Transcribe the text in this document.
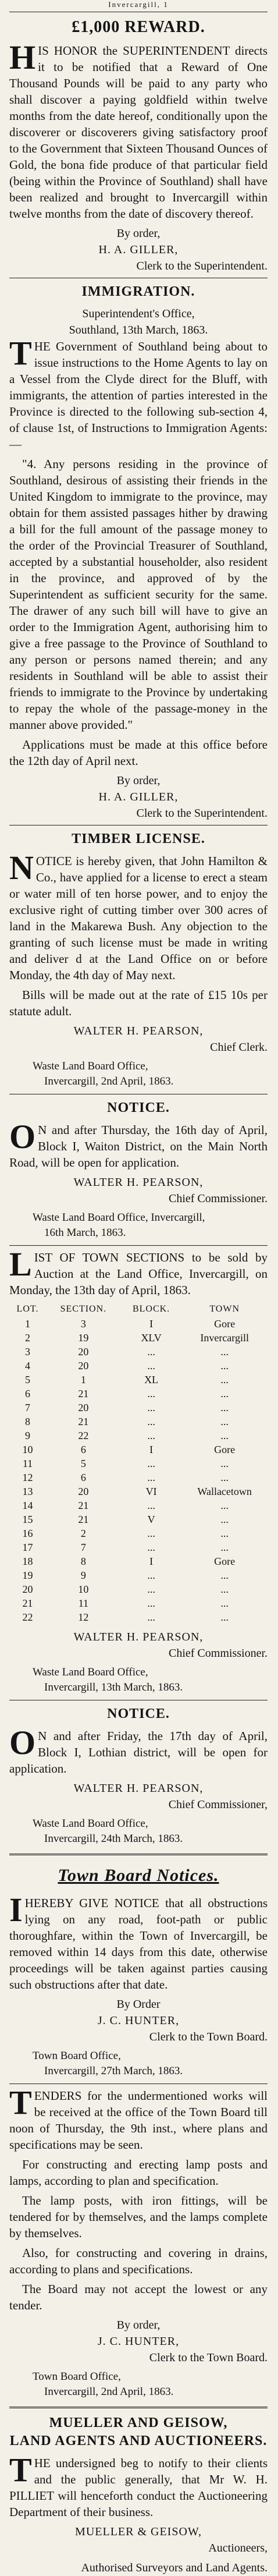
Invercargill, 1
£1,000 REWARD.

HIS HONOR the SUPERINTENDENT directs it to be notified that a Reward of One Thousand Pounds will be paid to any party who shall discover a paying goldfield within twelve months from the date hereof, conditionally upon the discoverer or discoverers giving satisfactory proof to the Government that Sixteen Thousand Ounces of Gold, the bona fide produce of that particular field (being within the Province of Southland) shall have been realized and brought to Invercargill within twelve months from the date of discovery thereof.

By order,

H. A. GILLER,

Clerk to the Superintendent.

IMMIGRATION.

Superintendent's Office,

Southland, 13th March, 1863.

THE Government of Southland being about to issue instructions to the Home Agents to lay on a Vessel from the Clyde direct for the Bluff, with immigrants, the attention of parties interested in the Province is directed to the following sub-section 4, of clause 1st, of Instructions to Immigration Agents:—

"4. Any persons residing in the province of Southland, desirous of assisting their friends in the United Kingdom to immigrate to the province, may obtain for them assisted passages hither by drawing a bill for the full amount of the passage money to the order of the Provincial Treasurer of Southland, accepted by a substantial householder, also resident in the province, and approved of by the Superintendent as sufficient security for the same. The drawer of any such bill will have to give an order to the Immigration Agent, authorising him to give a free passage to the Province of Southland to any person or persons named therein; and any residents in Southland will be able to assist their friends to immigrate to the Province by undertaking to repay the whole of the passage-money in the manner above provided."

Applications must be made at this office before the 12th day of April next.

By order,

H. A. GILLER,

Clerk to the Superintendent.

TIMBER LICENSE.

NOTICE is hereby given, that John Hamilton & Co., have applied for a license to erect a steam or water mill of ten horse power, and to enjoy the exclusive right of cutting timber over 300 acres of land in the Makarewa Bush. Any objection to the granting of such license must be made in writing and deliver d at the Land Office on or before Monday, the 4th day of May next.

Bills will be made out at the rate of £15 10s per statute adult.

WALTER H. PEARSON,

Chief Clerk.

Waste Land Board Office,

Invercargill, 2nd April, 1863.

NOTICE.

O N and after Thursday, the 16th day of April, Block I, Waiton District, on the Main North Road, will be open for application.

WALTER H. PEARSON,

Chief Commissioner.

Waste Land Board Office, Invercargill,

16th March, 1863.

LIST OF TOWN SECTIONS to be sold by Auction at the Land Office, Invercargill, on Monday, the 13th day of April, 1863.

LOT.	SECTION.	BLOCK.	TOWN
1	3	I	Gore
2	19	XLV	Invercargill
3	20	...	...
4	20	...	...
5	1	XL	...
6	21	...	...
7	20	...	...
8	21	...	...
9	22	...	...
10	6	I	Gore
11	5	...	...
12	6	...	...
13	20	VI	Wallacetown
14	21	...	...
15	21	V	...
16	2	...	...
17	7	...	...
18	8	I	Gore
19	9	...	...
20	10	...	...
21	11	...	...
22	12	...	...

WALTER H. PEARSON,

Chief Commissioner.

Waste Land Board Office,

Invercargill, 13th March, 1863.

NOTICE.

O N and after Friday, the 17th day of April, Block I, Lothian district, will be open for application.

WALTER H. PEARSON,

Chief Commissioner,

Waste Land Board Office,

Invercargill, 24th March, 1863.

Town Board Notices.

IHEREBY GIVE NOTICE that all obstructions lying on any road, foot-path or public thoroughfare, within the Town of Invercargill, be removed within 14 days from this date, otherwise proceedings will be taken against parties causing such obstructions after that date.

By Order

J. C. HUNTER,

Clerk to the Town Board.

Town Board Office,

Invercargill, 27th March, 1863.

TENDERS for the undermentioned works will be received at the office of the Town Board till noon of Thursday, the 9th inst., where plans and specifications may be seen.

For constructing and erecting lamp posts and lamps, according to plan and specification.

The lamp posts, with iron fittings, will be tendered for by themselves, and the lamps complete by themselves.

Also, for constructing and covering in drains, according to plans and specifications.

The Board may not accept the lowest or any tender.

By order,

J. C. HUNTER,

Clerk to the Town Board.

Town Board Office,

Invercargill, 2nd April, 1863.

MUELLER AND GEISOW,
LAND AGENTS AND AUCTIONEERS.

THE undersigned beg to notify to their clients and the public generally, that Mr W. H. PILLIET will henceforth conduct the Auctioneering Department of their business.

MUELLER & GEISOW,

Auctioneers,

Authorised Surveyors and Land Agents.
